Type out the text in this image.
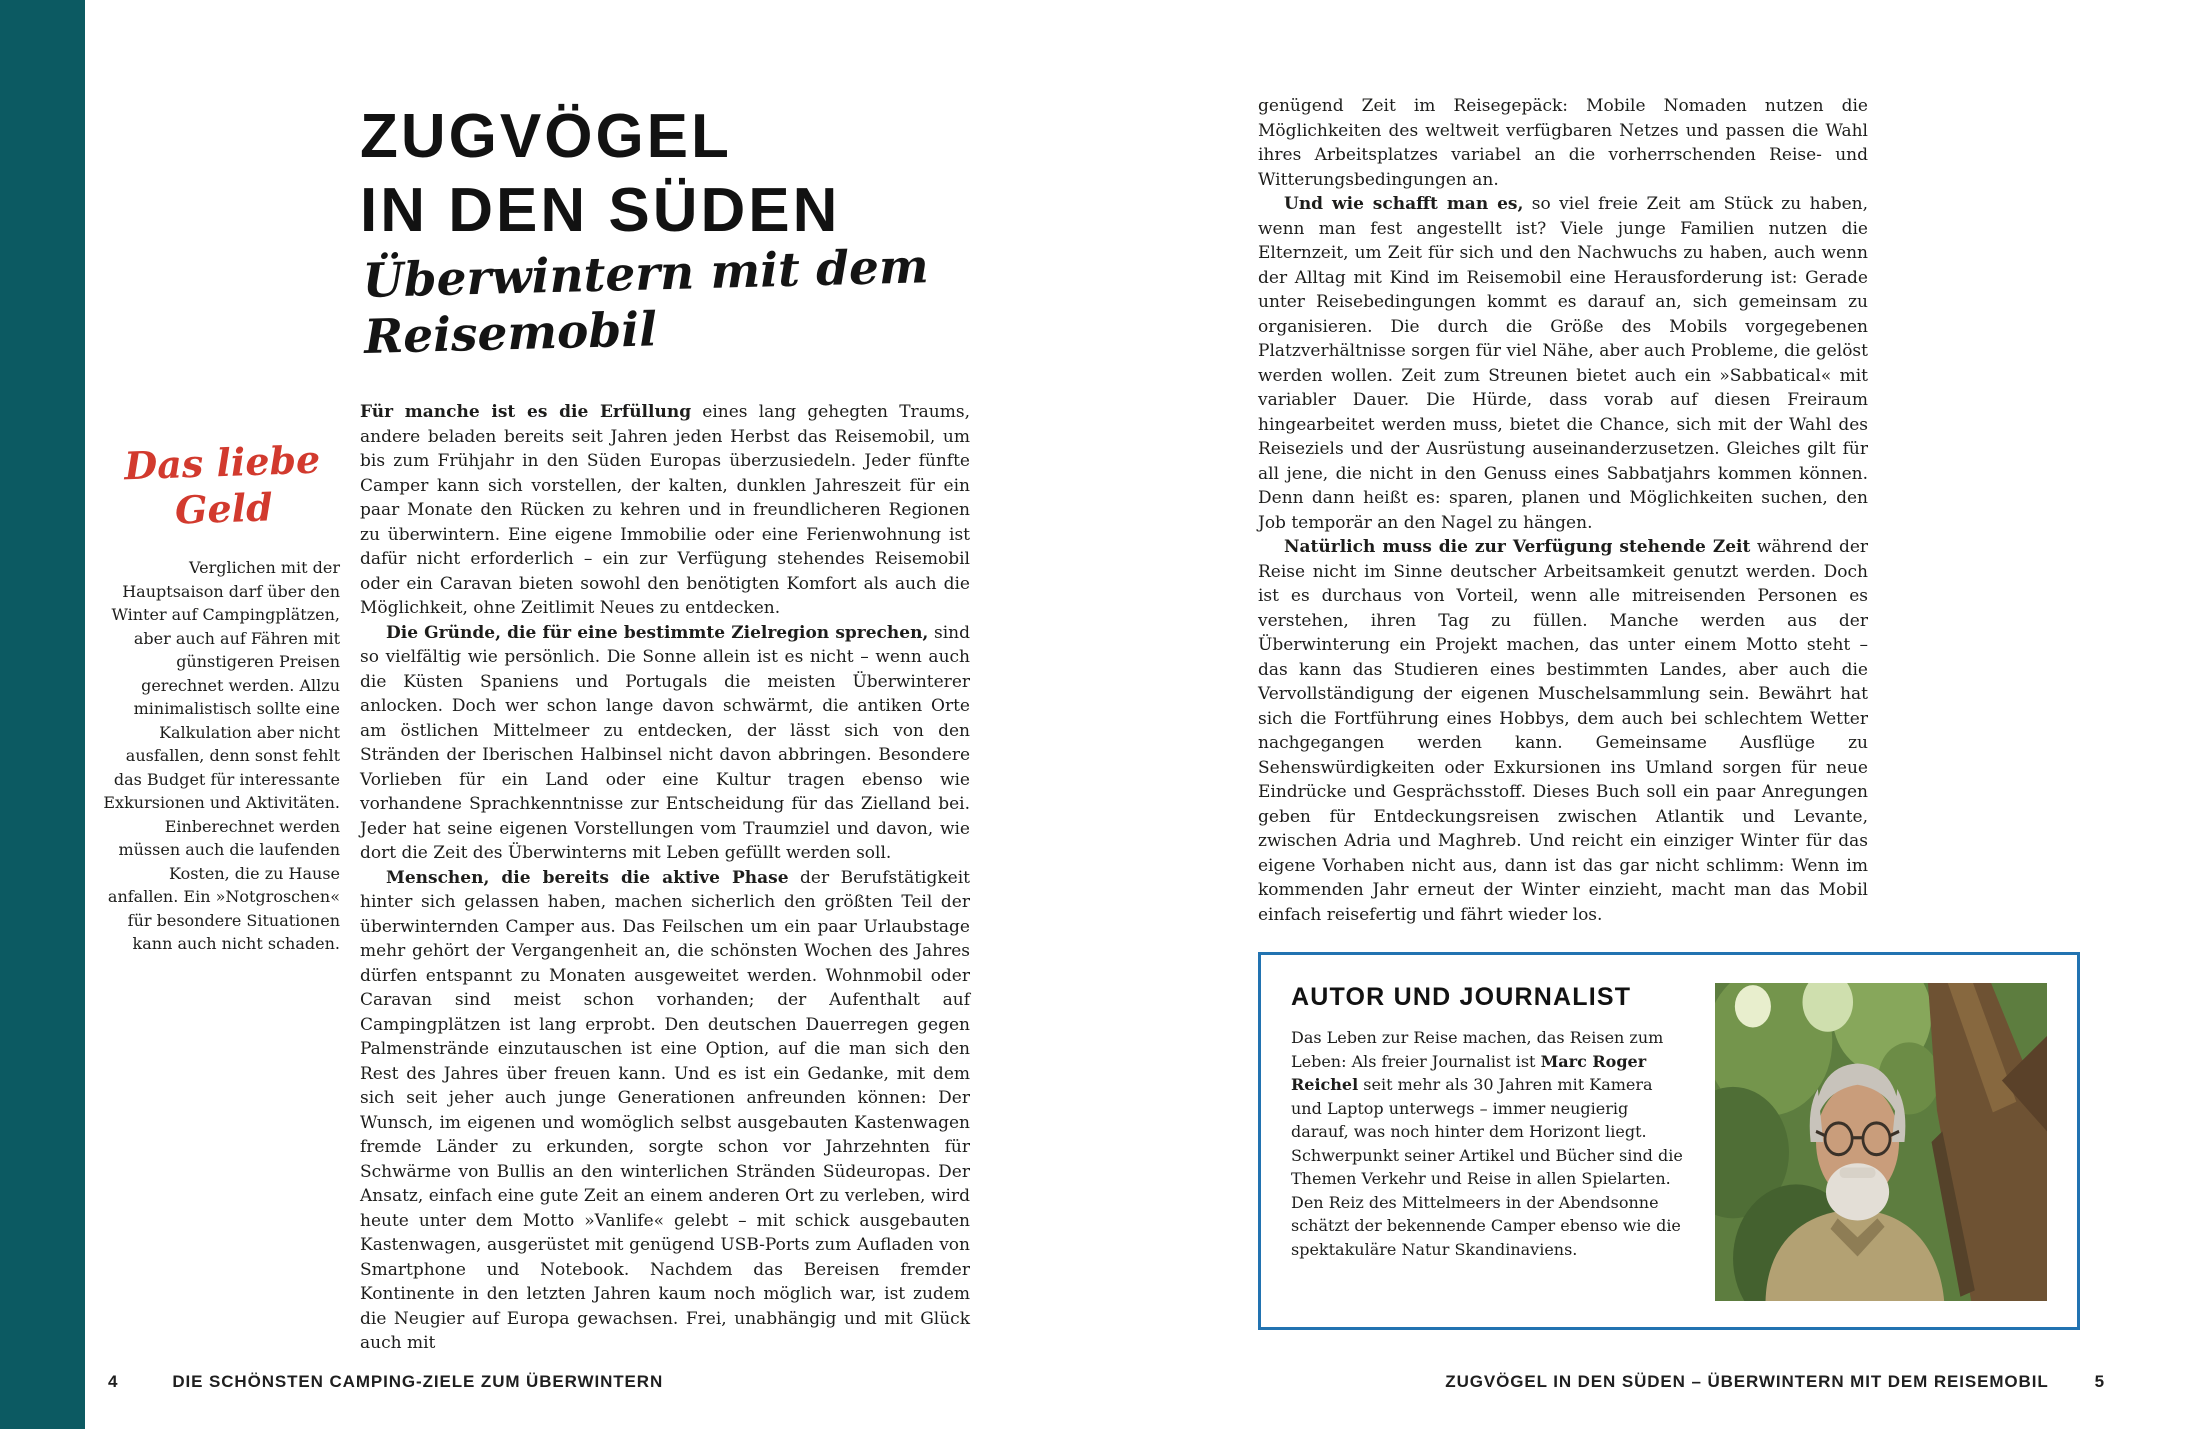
ZUGVÖGEL
IN DEN SÜDEN
Überwintern mit dem
Reisemobil
Das liebe
Geld
Verglichen mit der Hauptsaison darf über den Winter auf Campingplätzen, aber auch auf Fähren mit günstigeren Preisen gerechnet werden. Allzu minimalistisch sollte eine Kalkulation aber nicht ausfallen, denn sonst fehlt das Budget für interessante Exkursionen und Aktivitäten. Einberechnet werden müssen auch die laufenden Kosten, die zu Hause anfallen. Ein »Notgroschen« für besondere Situationen kann auch nicht schaden.

Für manche ist es die Erfüllung eines lang gehegten Traums, andere beladen bereits seit Jahren jeden Herbst das Reisemobil, um bis zum Frühjahr in den Süden Europas überzusiedeln. Jeder fünfte Camper kann sich vorstellen, der kalten, dunklen Jahreszeit für ein paar Monate den Rücken zu kehren und in freundlicheren Regionen zu überwintern. Eine eigene Immobilie oder eine Ferienwohnung ist dafür nicht erforderlich – ein zur Verfügung stehendes Reisemobil oder ein Caravan bieten sowohl den benötigten Komfort als auch die Möglichkeit, ohne Zeitlimit Neues zu entdecken.

Die Gründe, die für eine bestimmte Zielregion sprechen, sind so vielfältig wie persönlich. Die Sonne allein ist es nicht – wenn auch die Küsten Spaniens und Portugals die meisten Überwinterer anlocken. Doch wer schon lange davon schwärmt, die antiken Orte am östlichen Mittelmeer zu entdecken, der lässt sich von den Stränden der Iberischen Halbinsel nicht davon abbringen. Besondere Vorlieben für ein Land oder eine Kultur tragen ebenso wie vorhandene Sprachkenntnisse zur Entscheidung für das Zielland bei. Jeder hat seine eigenen Vorstellungen vom Traumziel und davon, wie dort die Zeit des Überwinterns mit Leben gefüllt werden soll.

Menschen, die bereits die aktive Phase der Berufstätigkeit hinter sich gelassen haben, machen sicherlich den größten Teil der überwinternden Camper aus. Das Feilschen um ein paar Urlaubstage mehr gehört der Vergangenheit an, die schönsten Wochen des Jahres dürfen entspannt zu Monaten ausgeweitet werden. Wohnmobil oder Caravan sind meist schon vorhanden; der Aufenthalt auf Campingplätzen ist lang erprobt. Den deutschen Dauerregen gegen Palmenstrände einzutauschen ist eine Option, auf die man sich den Rest des Jahres über freuen kann. Und es ist ein Gedanke, mit dem sich seit jeher auch junge Generationen anfreunden können: Der Wunsch, im eigenen und womöglich selbst ausgebauten Kastenwagen fremde Länder zu erkunden, sorgte schon vor Jahrzehnten für Schwärme von Bullis an den winterlichen Stränden Südeuropas. Der Ansatz, einfach eine gute Zeit an einem anderen Ort zu verleben, wird heute unter dem Motto »Vanlife« gelebt – mit schick ausgebauten Kastenwagen, ausgerüstet mit genügend USB-Ports zum Aufladen von Smartphone und Notebook. Nachdem das Bereisen fremder Kontinente in den letzten Jahren kaum noch möglich war, ist zudem die Neugier auf Europa gewachsen. Frei, unabhängig und mit Glück auch mit

4	DIE SCHÖNSTEN CAMPING-ZIELE ZUM ÜBERWINTERN

genügend Zeit im Reisegepäck: Mobile Nomaden nutzen die Möglichkeiten des weltweit verfügbaren Netzes und passen die Wahl ihres Arbeitsplatzes variabel an die vorherrschenden Reise- und Witterungsbedingungen an.

Und wie schafft man es, so viel freie Zeit am Stück zu haben, wenn man fest angestellt ist? Viele junge Familien nutzen die Elternzeit, um Zeit für sich und den Nachwuchs zu haben, auch wenn der Alltag mit Kind im Reisemobil eine Herausforderung ist: Gerade unter Reisebedingungen kommt es darauf an, sich gemeinsam zu organisieren. Die durch die Größe des Mobils vorgegebenen Platzverhältnisse sorgen für viel Nähe, aber auch Probleme, die gelöst werden wollen. Zeit zum Streunen bietet auch ein »Sabbatical« mit variabler Dauer. Die Hürde, dass vorab auf diesen Freiraum hingearbeitet werden muss, bietet die Chance, sich mit der Wahl des Reiseziels und der Ausrüstung auseinanderzusetzen. Gleiches gilt für all jene, die nicht in den Genuss eines Sabbatjahrs kommen können. Denn dann heißt es: sparen, planen und Möglichkeiten suchen, den Job temporär an den Nagel zu hängen.

Natürlich muss die zur Verfügung stehende Zeit während der Reise nicht im Sinne deutscher Arbeitsamkeit genutzt werden. Doch ist es durchaus von Vorteil, wenn alle mitreisenden Personen es verstehen, ihren Tag zu füllen. Manche werden aus der Überwinterung ein Projekt machen, das unter einem Motto steht – das kann das Studieren eines bestimmten Landes, aber auch die Vervollständigung der eigenen Muschelsammlung sein. Bewährt hat sich die Fortführung eines Hobbys, dem auch bei schlechtem Wetter nachgegangen werden kann. Gemeinsame Ausflüge zu Sehenswürdigkeiten oder Exkursionen ins Umland sorgen für neue Eindrücke und Gesprächsstoff. Dieses Buch soll ein paar Anregungen geben für Entdeckungsreisen zwischen Atlantik und Levante, zwischen Adria und Maghreb. Und reicht ein einziger Winter für das eigene Vorhaben nicht aus, dann ist das gar nicht schlimm: Wenn im kommenden Jahr erneut der Winter einzieht, macht man das Mobil einfach reisefertig und fährt wieder los.

AUTOR UND JOURNALIST
Das Leben zur Reise machen, das Reisen zum Leben: Als freier Journalist ist Marc Roger Reichel seit mehr als 30 Jahren mit Kamera und Laptop unterwegs – immer neugierig darauf, was noch hinter dem Horizont liegt. Schwerpunkt seiner Artikel und Bücher sind die Themen Verkehr und Reise in allen Spielarten. Den Reiz des Mittelmeers in der Abendsonne schätzt der bekennende Camper ebenso wie die spektakuläre Natur Skandinaviens.
ZUGVÖGEL IN DEN SÜDEN – ÜBERWINTERN MIT DEM REISEMOBIL	5
